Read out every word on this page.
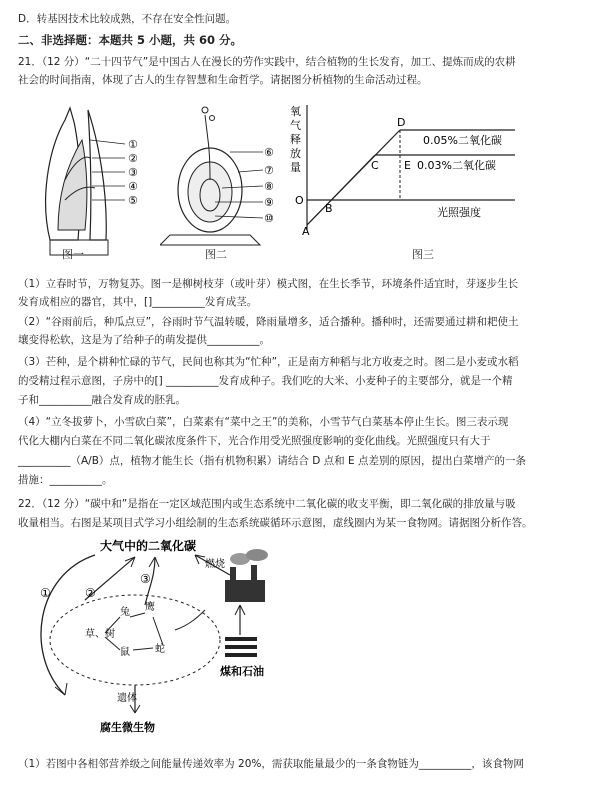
D．转基因技术比较成熟，不存在安全性问题。
二、非选择题：本题共 5 小题，共 60 分。
21．（12 分）“二十四节气”是中国古人在漫长的劳作实践中，结合植物的生长发育，加工、提炼而成的农耕
社会的时间指南，体现了古人的生存智慧和生命哲学。请据图分析植物的生命活动过程。
①
②
③
④
⑤
图一
⑥
⑦
⑧
⑨
⑩
图二
氧
气
释
放
量
O
A
B
C
D
E
0.05%二氧化碳
0.03%二氧化碳
光照强度
图三
（1）立春时节，万物复苏。图一是柳树枝芽（或叶芽）模式图，在生长季节，环境条件适宜时，芽逐步生长
发育成相应的器官，其中，[]__________发育成茎。
（2）“谷雨前后，种瓜点豆”，谷雨时节气温转暖，降雨量增多，适合播种。播种时，还需要通过耕和耙使土
壤变得松软，这是为了给种子的萌发提供__________。
（3）芒种，是个耕种忙碌的节气，民间也称其为“忙种”，正是南方种稻与北方收麦之时。图二是小麦或水稻
的受精过程示意图，子房中的[] __________发育成种子。我们吃的大米、小麦种子的主要部分，就是一个精
子和__________融合发育成的胚乳。
（4）“立冬拔萝卜，小雪砍白菜”，白菜素有“菜中之王”的美称，小雪节气白菜基本停止生长。图三表示现
代化大棚内白菜在不同二氧化碳浓度条件下，光合作用受光照强度影响的变化曲线。光照强度只有大于
__________（A/B）点，植物才能生长（指有机物积累）请结合 D 点和 E 点差别的原因，提出白菜增产的一条
措施：__________。
22．（12 分）“碳中和”是指在一定区域范围内或生态系统中二氧化碳的收支平衡，即二氧化碳的排放量与吸
收量相当。右图是某项目式学习小组绘制的生态系统碳循环示意图，虚线圈内为某一食物网。请据图分析作答。
大气中的二氧化碳
①	②
③
燃烧
煤和石油
兔 鹰
草、树
鼠	蛇
遗体
腐生微生物
（1）若图中各相邻营养级之间能量传递效率为 20%，需获取能量最少的一条食物链为__________，该食物网
